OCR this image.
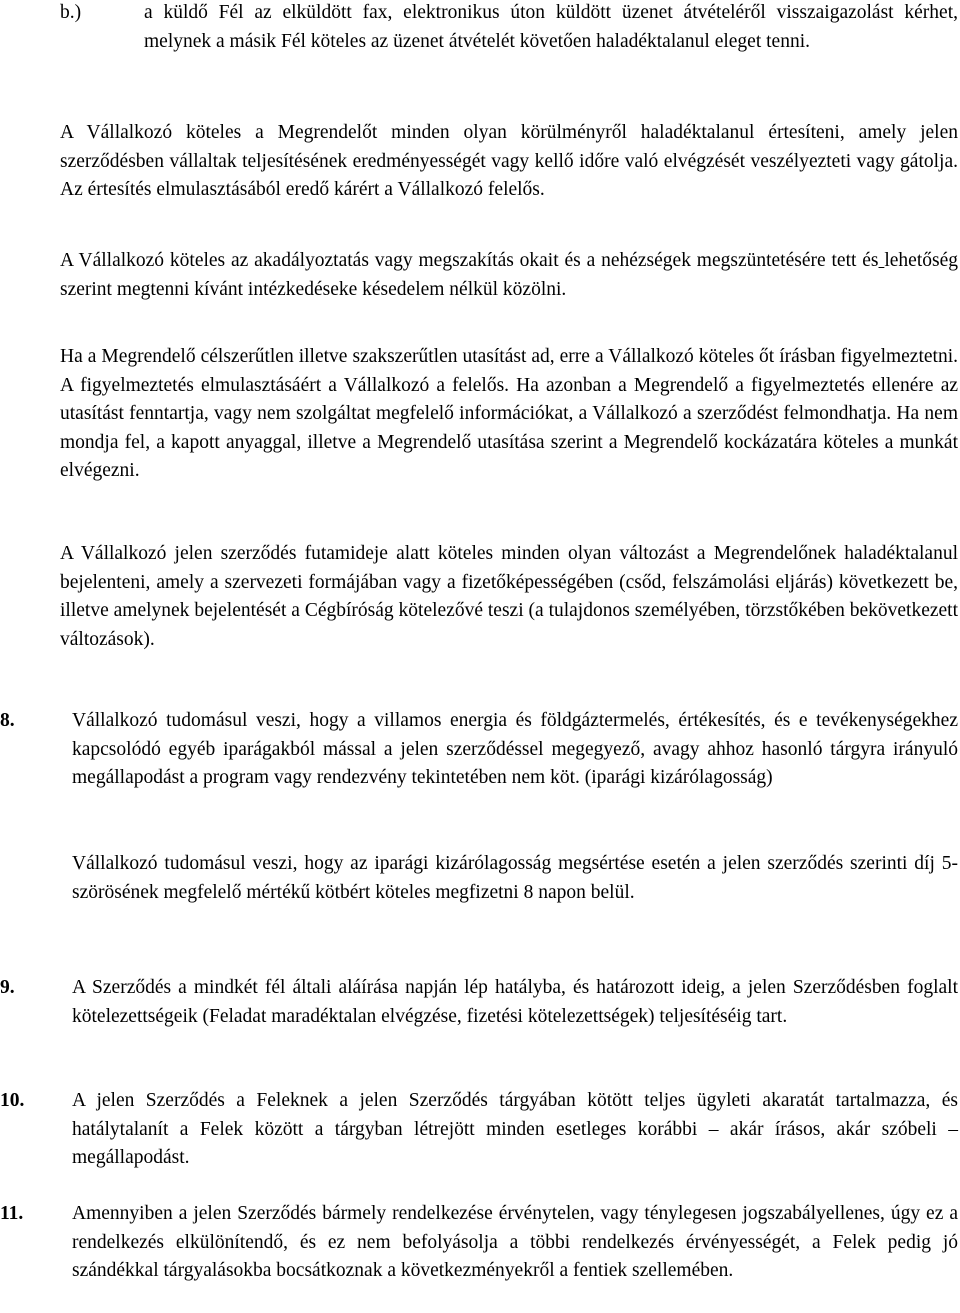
b.)	a küldő Fél az elküldött fax, elektronikus úton küldött üzenet átvételéről visszaigazolást kérhet, melynek a másik Fél köteles az üzenet átvételét követően haladéktalanul eleget tenni.
A Vállalkozó köteles a Megrendelőt minden olyan körülményről haladéktalanul értesíteni, amely jelen szerződésben vállaltak teljesítésének eredményességét vagy kellő időre való elvégzését veszélyezteti vagy gátolja. Az értesítés elmulasztásából eredő kárért a Vállalkozó felelős.
A Vállalkozó köteles az akadályoztatás vagy megszakítás okait és a nehézségek megszüntetésére tett és lehetőség szerint megtenni kívánt intézkedéseke késedelem nélkül közölni.
Ha a Megrendelő célszerűtlen illetve szakszerűtlen utasítást ad, erre a Vállalkozó köteles őt írásban figyelmeztetni. A figyelmeztetés elmulasztásáért a Vállalkozó a felelős. Ha azonban a Megrendelő a figyelmeztetés ellenére az utasítást fenntartja, vagy nem szolgáltat megfelelő információkat, a Vállalkozó a szerződést felmondhatja. Ha nem mondja fel, a kapott anyaggal, illetve a Megrendelő utasítása szerint a Megrendelő kockázatára köteles a munkát elvégezni.
A Vállalkozó jelen szerződés futamideje alatt köteles minden olyan változást a Megrendelőnek haladéktalanul bejelenteni, amely a szervezeti formájában vagy a fizetőképességében (csőd, felszámolási eljárás) következett be, illetve amelynek bejelentését a Cégbíróság kötelezővé teszi (a tulajdonos személyében, törzstőkében bekövetkezett változások).
8.	Vállalkozó tudomásul veszi, hogy a villamos energia és földgáztermelés, értékesítés, és e tevékenységekhez kapcsolódó egyéb iparágakból mással a jelen szerződéssel megegyező, avagy ahhoz hasonló tárgyra irányuló megállapodást a program vagy rendezvény tekintetében nem köt. (iparági kizárólagosság)
Vállalkozó tudomásul veszi, hogy az iparági kizárólagosság megsértése esetén a jelen szerződés szerinti díj 5-szörösének megfelelő mértékű kötbért köteles megfizetni 8 napon belül.
9.	A Szerződés a mindkét fél általi aláírása napján lép hatályba, és határozott ideig, a jelen Szerződésben foglalt kötelezettségeik (Feladat maradéktalan elvégzése, fizetési kötelezettségek) teljesítéséig tart.
10. A jelen Szerződés a Feleknek a jelen Szerződés tárgyában kötött teljes ügyleti akaratát tartalmazza, és hatálytalanít a Felek között a tárgyban létrejött minden esetleges korábbi – akár írásos, akár szóbeli – megállapodást.
11. Amennyiben a jelen Szerződés bármely rendelkezése érvénytelen, vagy ténylegesen jogszabályellenes, úgy ez a rendelkezés elkülönítendő, és ez nem befolyásolja a többi rendelkezés érvényességét, a Felek pedig jó szándékkal tárgyalásokba bocsátkoznak a következményekről a fentiek szellemében.
